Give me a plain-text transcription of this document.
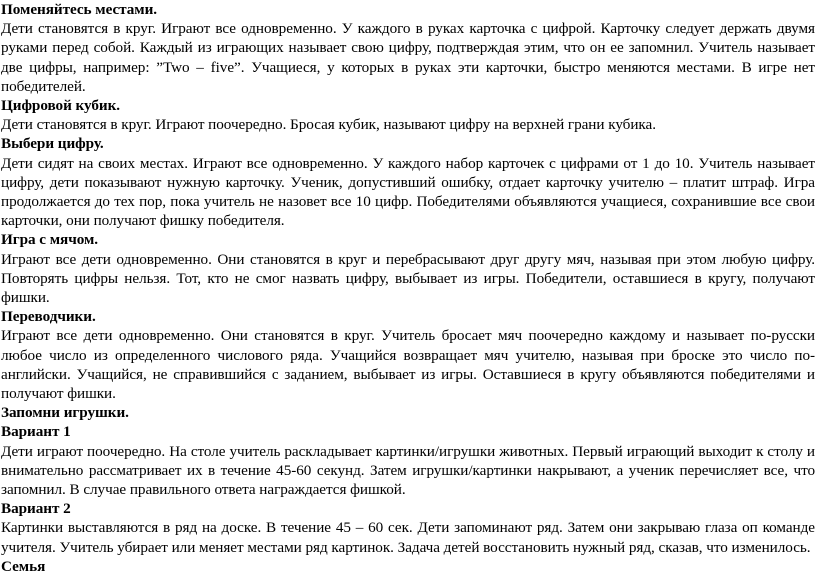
Поменяйтесь местами.

Дети становятся в круг. Играют все одновременно. У каждого в руках карточка с цифрой. Карточку следует держать двумя руками перед собой. Каждый из играющих называет свою цифру, подтверждая этим, что он ее запомнил. Учитель называет две цифры, например: ”Two – five”. Учащиеся, у которых в руках эти карточки, быстро меняются местами. В игре нет победителей.

Цифровой кубик.

Дети становятся в круг. Играют поочередно. Бросая кубик, называют цифру на верхней грани кубика.

Выбери цифру.

Дети сидят на своих местах. Играют все одновременно. У каждого набор карточек с цифрами от 1 до 10. Учитель называет цифру, дети показывают нужную карточку. Ученик, допустивший ошибку, отдает карточку учителю – платит штраф. Игра продолжается до тех пор, пока учитель не назовет все 10 цифр. Победителями объявляются учащиеся, сохранившие все свои карточки, они получают фишку победителя.

Игра с мячом.

Играют все дети одновременно. Они становятся в круг и перебрасывают друг другу мяч, называя при этом любую цифру. Повторять цифры нельзя. Тот, кто не смог назвать цифру, выбывает из игры. Победители, оставшиеся в кругу, получают фишки.

Переводчики.

Играют все дети одновременно. Они становятся в круг. Учитель бросает мяч поочередно каждому и называет по-русски любое число из определенного числового ряда. Учащийся возвращает мяч учителю, называя при броске это число по-английски. Учащийся, не справившийся с заданием, выбывает из игры. Оставшиеся в кругу объявляются победителями и получают фишки.

Запомни игрушки.

Вариант 1

Дети играют поочередно. На столе учитель раскладывает картинки/игрушки животных. Первый играющий выходит к столу и внимательно рассматривает их в течение 45-60 секунд. Затем игрушки/картинки накрывают, а ученик перечисляет все, что запомнил. В случае правильного ответа награждается фишкой.

Вариант 2

Картинки выставляются в ряд на доске. В течение 45 – 60 сек. Дети запоминают ряд. Затем они закрываю глаза оп команде учителя. Учитель убирает или меняет местами ряд картинок. Задача детей восстановить нужный ряд, сказав, что изменилось.

Семья
